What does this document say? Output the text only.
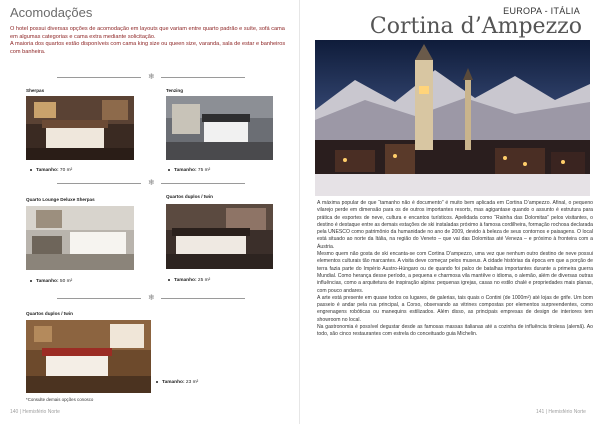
Acomodações

O hotel possui diversas opções de acomodação em layouts que variam entre quarto padrão e suíte, sofá cama em algumas categorias e cama extra mediante solicitação.

A maioria dos quartos estão disponíveis com cama king size ou queen size, varanda, sala de estar e banheiros com banheira.

❄
Sherpas
Tamanho: 70 m²
Tenzing
Tamanho: 75 m²
❄
Quarto Lounge Deluxe Sherpas
Tamanho: 50 m²
Quartos duplos / twin
Tamanho: 25 m²
❄
Quartos duplos / twin
Tamanho: 23 m²
*Consulte demais opções conosco
140 | Hemisfério Norte
EUROPA - ITÁLIA
Cortina d’Ampezzo

A máxima popular de que “tamanho não é documento” é muito bem aplicada em Cortina D’ampezzo. Afinal, o pequeno vilarejo perde em dimensão para os de outros importantes resorts, mas agigantase quando o assunto é estrutura para prática de esportes de neve, cultura e encantos turísticos. Apelidada como “Rainha das Dolomitas” pelos visitantes, o destino é destaque entre as demais estações de ski instaladas próximo à famosa cordilheira, formação rochosa declarada pela UNESCO como patrimônio da humanidade no ano de 2009, devido à beleza de seus contornos e paisagens. O local está situado ao norte da Itália, na região do Veneto – que vai das Dolomitas até Veneza – e próximo à fronteira com a Áustria.

Mesmo quem não gosta de ski encanta-se com Cortina D’ampezzo, uma vez que nenhum outro destino de neve possui elementos culturais tão marcantes. A visita deve começar pelos museus. A cidade histórias da época em que a porção de terra fazia parte do Império Austro-Húngaro ou de quando foi palco de batalhas importantes durante a primeira guerra Mundial. Como herança desse período, a pequena e charmosa vila mantêve o idioma, o alemão, além de diversas outras influências, como a arquitetura de inspiração alpina: pequenas igrejas, casas no estilo chalé e propriedades mais planas, com pouco andares.

A arte está presente em quase todos os lugares, de galerias, tais quais o Contini (de 1000m²) até lojas de grife. Um bom passeio é andar pela rua principal, a Corso, observando as vitrines compostas por elementos surpreendentes, como engrenagens robóticas ou manequins estilizados. Além disso, as principais empresas de design de interiores tem showroom no local.

Na gastronomia é possível degustar desde as famosas massas italianas até a cozinha de influência tirolesa (alemã). Ao todo, são cinco restaurantes com estrela do conceituado guia Michelin.

141 | Hemisfério Norte
